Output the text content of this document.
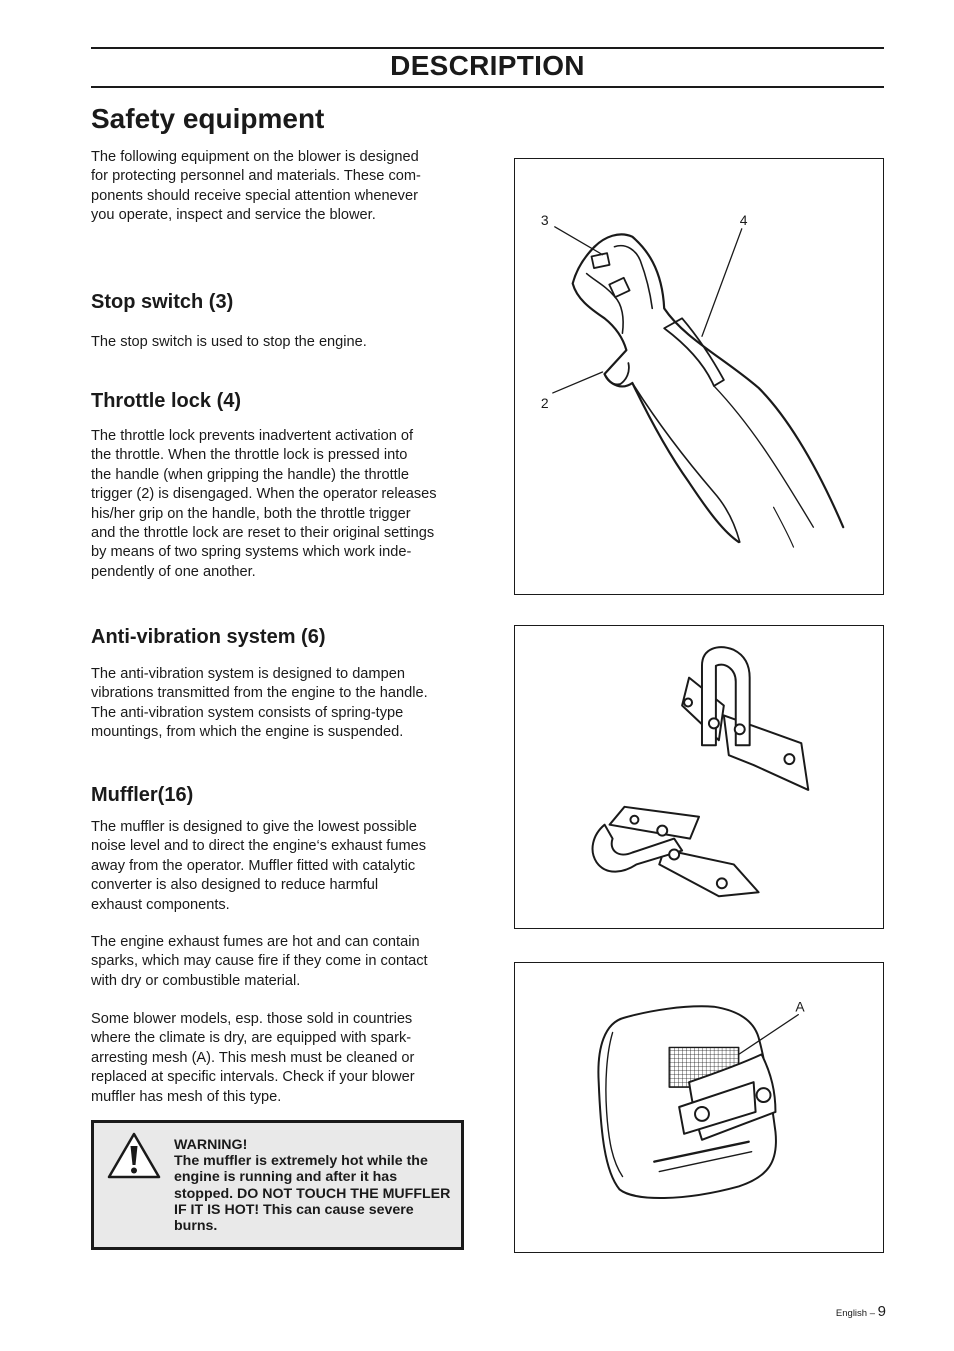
DESCRIPTION
Safety equipment

The following equipment on the blower is designed
for protecting personnel and materials. These com-
ponents should receive special attention whenever
you operate, inspect and service the blower.

Stop switch (3)

The stop switch is used to stop the engine.

Throttle lock (4)

The throttle lock prevents inadvertent activation of
the throttle. When the throttle lock is pressed into
the handle (when gripping the handle) the throttle
trigger (2) is disengaged. When the operator releases
his/her grip on the handle, both the throttle trigger
and the throttle lock are reset to their original settings
by means of two spring systems which work inde-
pendently of one another.

Anti-vibration system (6)

The anti-vibration system is designed to dampen
vibrations transmitted from the engine to the handle.
The anti-vibration system consists of spring-type
mountings, from which the engine is suspended.

Muffler(16)

The muffler is designed to give the lowest possible
noise level and to direct the engine‘s exhaust fumes
away from the operator. Muffler fitted with catalytic
converter is also designed to reduce harmful
exhaust components.

The engine exhaust fumes are hot and can contain
sparks, which may cause fire if they come in contact
with dry or combustible material.

Some blower models, esp. those sold in countries
where the climate is dry, are equipped with spark-
arresting mesh (A). This mesh must be cleaned or
replaced at specific intervals. Check if your blower
muffler has mesh of this type.

WARNING!
The muffler is extremely hot while the engine is running and after it has stopped. DO NOT TOUCH THE MUFFLER IF IT IS HOT! This can cause severe burns.
3	4
2
A
English – 9
